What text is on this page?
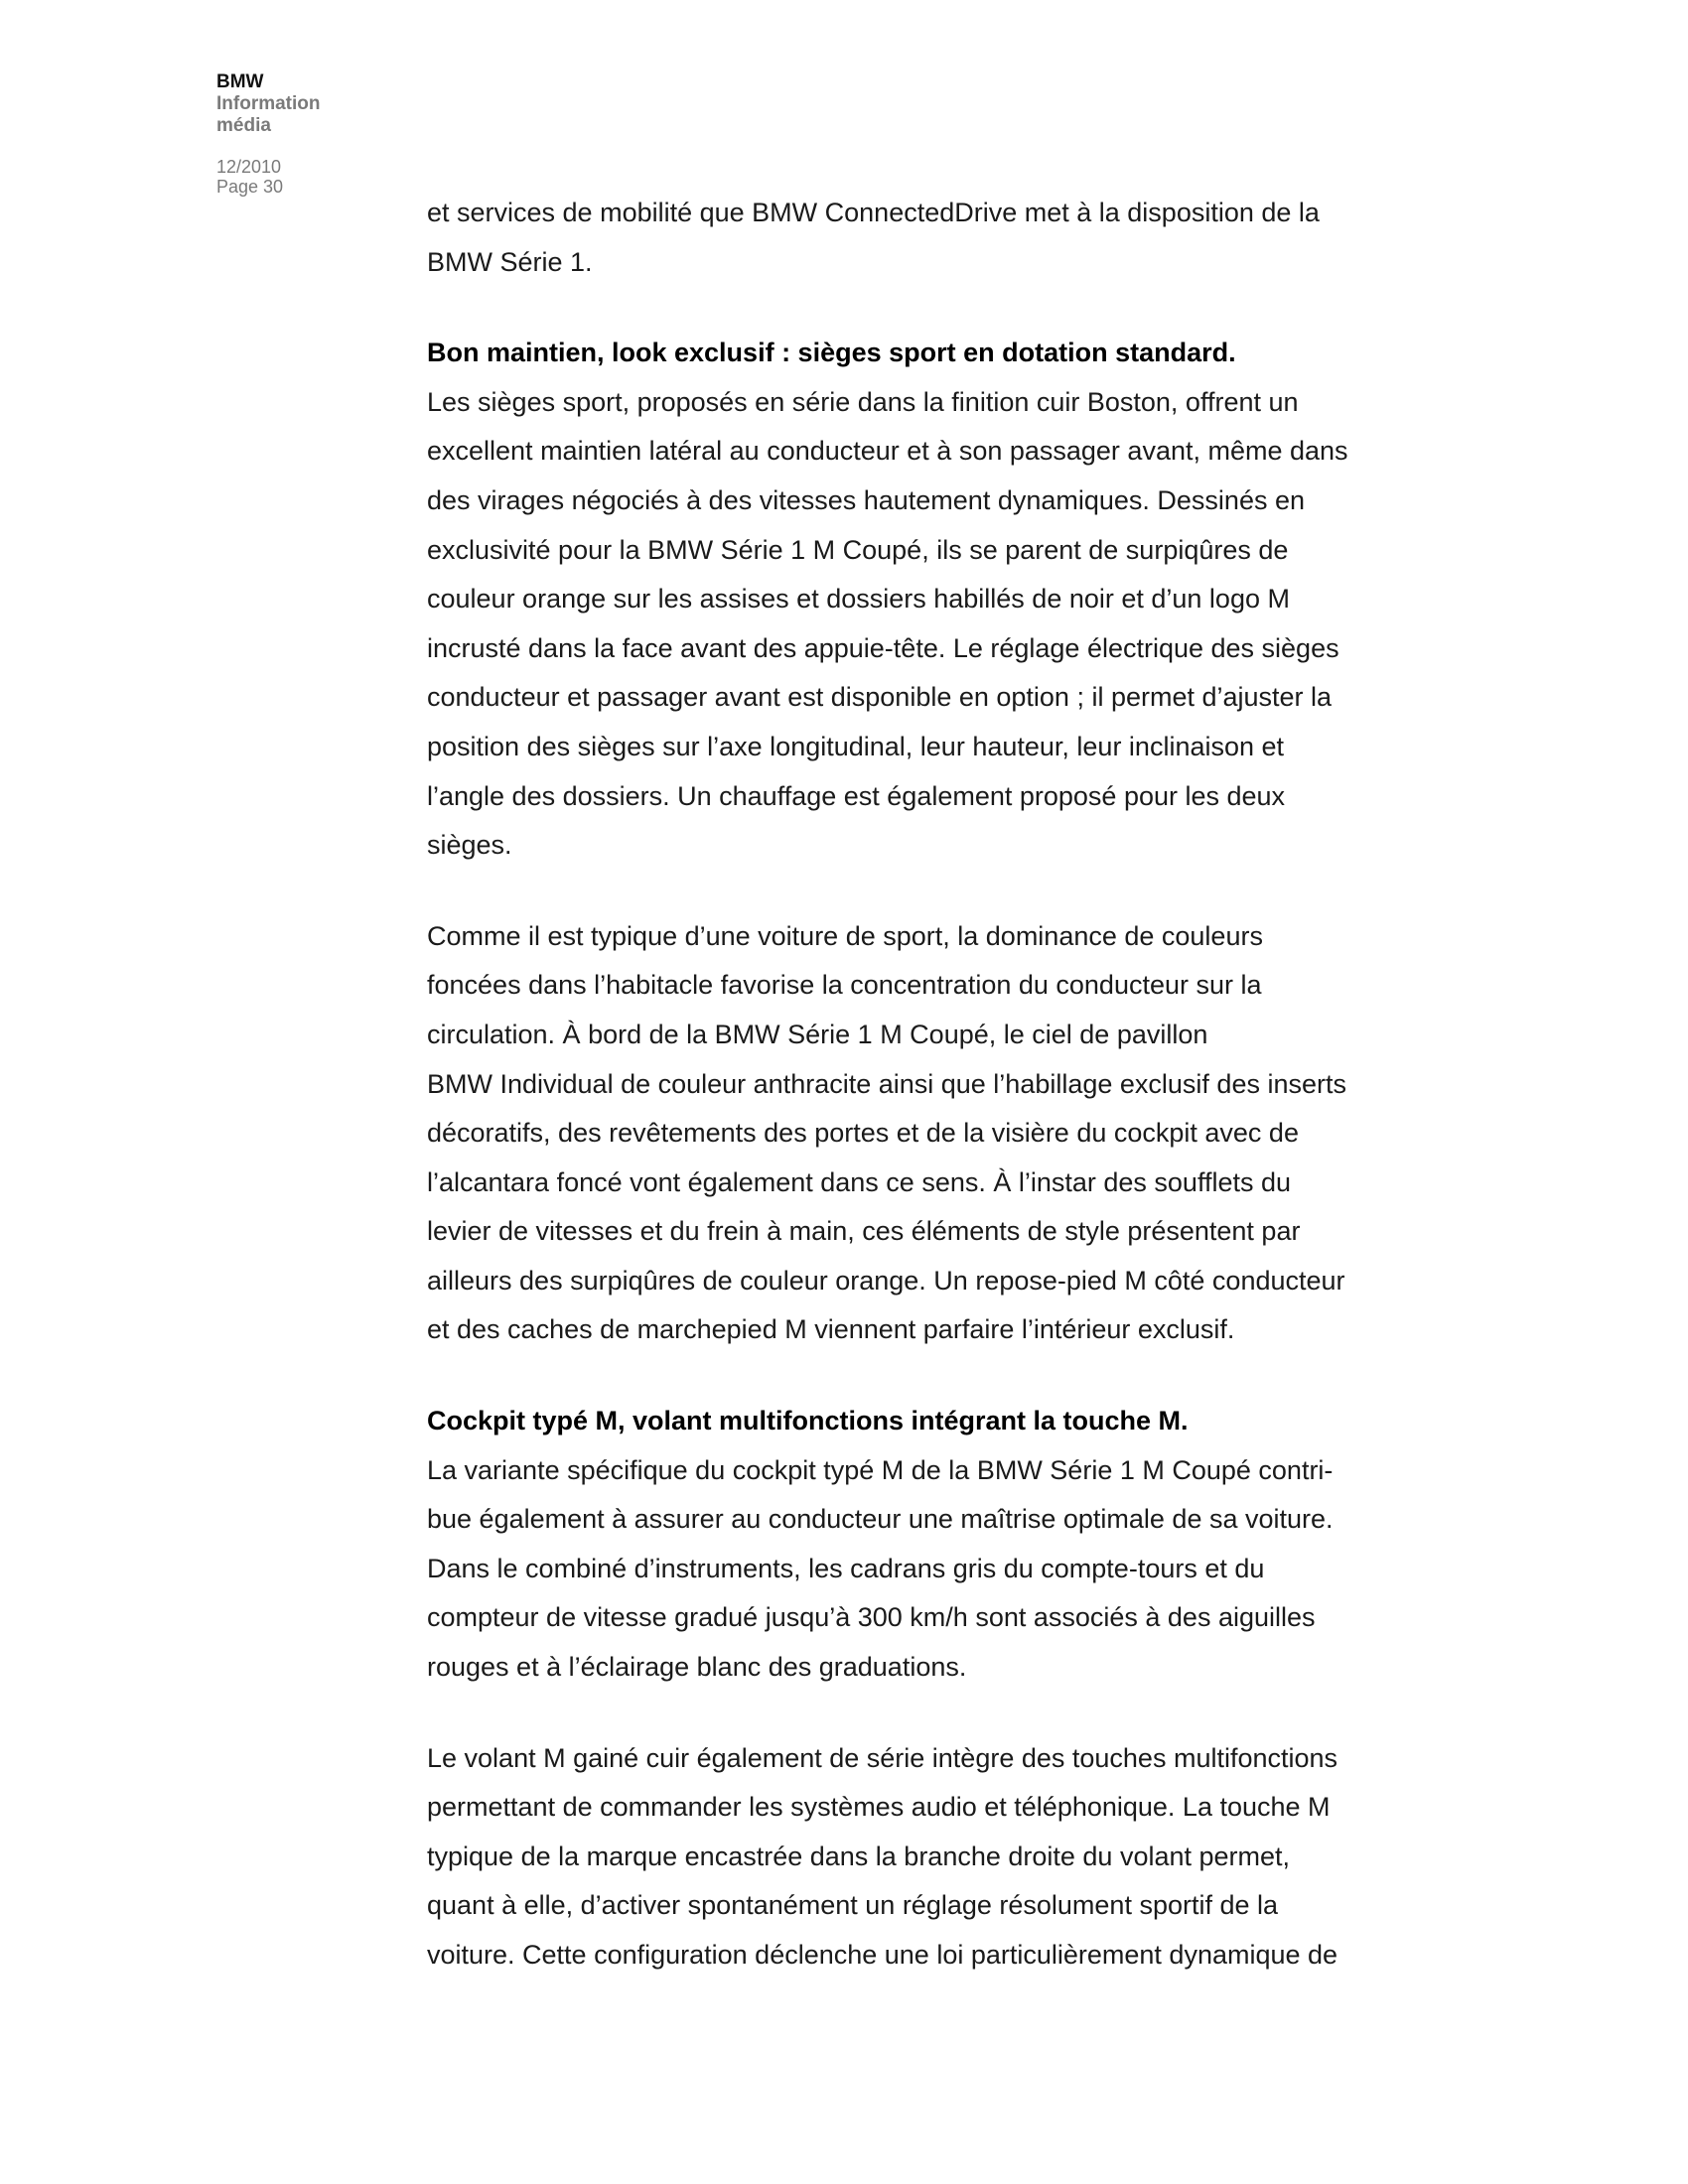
BMW
Information
média
12/2010
Page 30

et services de mobilité que BMW ConnectedDrive met à la disposition de la
BMW Série 1.

Bon maintien, look exclusif : sièges sport en dotation standard.

Les sièges sport, proposés en série dans la finition cuir Boston, offrent un
excellent maintien latéral au conducteur et à son passager avant, même dans
des virages négociés à des vitesses hautement dynamiques. Dessinés en
exclusivité pour la BMW Série 1 M Coupé, ils se parent de surpiqûres de
couleur orange sur les assises et dossiers habillés de noir et d’un logo M
incrusté dans la face avant des appuie-tête. Le réglage électrique des sièges
conducteur et passager avant est disponible en option ; il permet d’ajuster la
position des sièges sur l’axe longitudinal, leur hauteur, leur inclinaison et
l’angle des dossiers. Un chauffage est également proposé pour les deux
sièges.

Comme il est typique d’une voiture de sport, la dominance de couleurs
foncées dans l’habitacle favorise la concentration du conducteur sur la
circulation. À bord de la BMW Série 1 M Coupé, le ciel de pavillon
BMW Individual de couleur anthracite ainsi que l’habillage exclusif des inserts
décoratifs, des revêtements des portes et de la visière du cockpit avec de
l’alcantara foncé vont également dans ce sens. À l’instar des soufflets du
levier de vitesses et du frein à main, ces éléments de style présentent par
ailleurs des surpiqûres de couleur orange. Un repose-pied M côté conducteur
et des caches de marchepied M viennent parfaire l’intérieur exclusif.

Cockpit typé M, volant multifonctions intégrant la touche M.

La variante spécifique du cockpit typé M de la BMW Série 1 M Coupé contri-
bue également à assurer au conducteur une maîtrise optimale de sa voiture.
Dans le combiné d’instruments, les cadrans gris du compte-tours et du
compteur de vitesse gradué jusqu’à 300 km/h sont associés à des aiguilles
rouges et à l’éclairage blanc des graduations.

Le volant M gainé cuir également de série intègre des touches multifonctions
permettant de commander les systèmes audio et téléphonique. La touche M
typique de la marque encastrée dans la branche droite du volant permet,
quant à elle, d’activer spontanément un réglage résolument sportif de la
voiture. Cette configuration déclenche une loi particulièrement dynamique de
